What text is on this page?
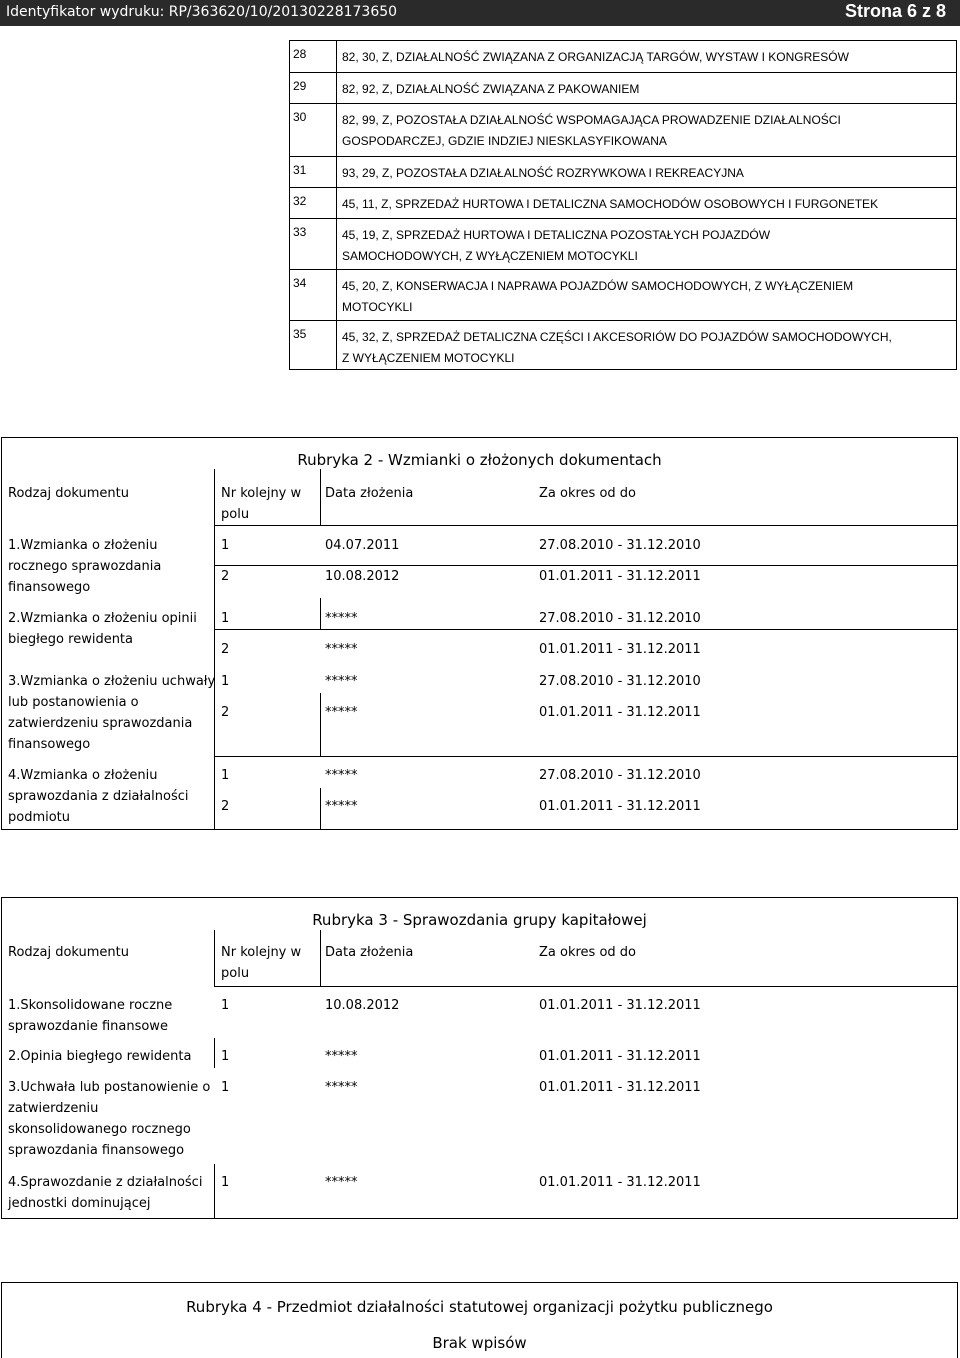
Identyfikator wydruku: RP/363620/10/20130228173650	Strona 6 z 8
28	82, 30, Z, DZIAŁALNOŚĆ ZWIĄZANA Z ORGANIZACJĄ TARGÓW, WYSTAW I KONGRESÓW
29	82, 92, Z, DZIAŁALNOŚĆ ZWIĄZANA Z PAKOWANIEM
30	82, 99, Z, POZOSTAŁA DZIAŁALNOŚĆ WSPOMAGAJĄCA PROWADZENIE DZIAŁALNOŚCI
GOSPODARCZEJ, GDZIE INDZIEJ NIESKLASYFIKOWANA
31	93, 29, Z, POZOSTAŁA DZIAŁALNOŚĆ ROZRYWKOWA I REKREACYJNA
32	45, 11, Z, SPRZEDAŻ HURTOWA I DETALICZNA SAMOCHODÓW OSOBOWYCH I FURGONETEK
33	45, 19, Z, SPRZEDAŻ HURTOWA I DETALICZNA POZOSTAŁYCH POJAZDÓW
SAMOCHODOWYCH, Z WYŁĄCZENIEM MOTOCYKLI
34	45, 20, Z, KONSERWACJA I NAPRAWA POJAZDÓW SAMOCHODOWYCH, Z WYŁĄCZENIEM
MOTOCYKLI
35	45, 32, Z, SPRZEDAŻ DETALICZNA CZĘŚCI I AKCESORIÓW DO POJAZDÓW SAMOCHODOWYCH,
Z WYŁĄCZENIEM MOTOCYKLI
Rubryka 2 - Wzmianki o złożonych dokumentach
Rodzaj dokumentu	Nr kolejny w
polu
Data złożenia	Za okres od do
1.Wzmianka o złożeniu
rocznego sprawozdania
finansowego
1	04.07.2011	27.08.2010 - 31.12.2010
2	10.08.2012	01.01.2011 - 31.12.2011
2.Wzmianka o złożeniu opinii
biegłego rewidenta
1	*****	27.08.2010 - 31.12.2010
2	*****	01.01.2011 - 31.12.2011
3.Wzmianka o złożeniu uchwały
lub postanowienia o
zatwierdzeniu sprawozdania
finansowego
1	*****	27.08.2010 - 31.12.2010
2	*****	01.01.2011 - 31.12.2011
4.Wzmianka o złożeniu
sprawozdania z działalności
podmiotu
1	*****	27.08.2010 - 31.12.2010
2	*****	01.01.2011 - 31.12.2011
Rubryka 3 - Sprawozdania grupy kapitałowej
Rodzaj dokumentu	Nr kolejny w
polu
Data złożenia	Za okres od do
1.Skonsolidowane roczne
sprawozdanie finansowe
1	10.08.2012	01.01.2011 - 31.12.2011
2.Opinia biegłego rewidenta 1	*****	01.01.2011 - 31.12.2011
3.Uchwała lub postanowienie o
zatwierdzeniu
skonsolidowanego rocznego
sprawozdania finansowego
1	*****	01.01.2011 - 31.12.2011
4.Sprawozdanie z działalności
jednostki dominującej
1	*****	01.01.2011 - 31.12.2011
Rubryka 4 - Przedmiot działalności statutowej organizacji pożytku publicznego
Brak wpisów
